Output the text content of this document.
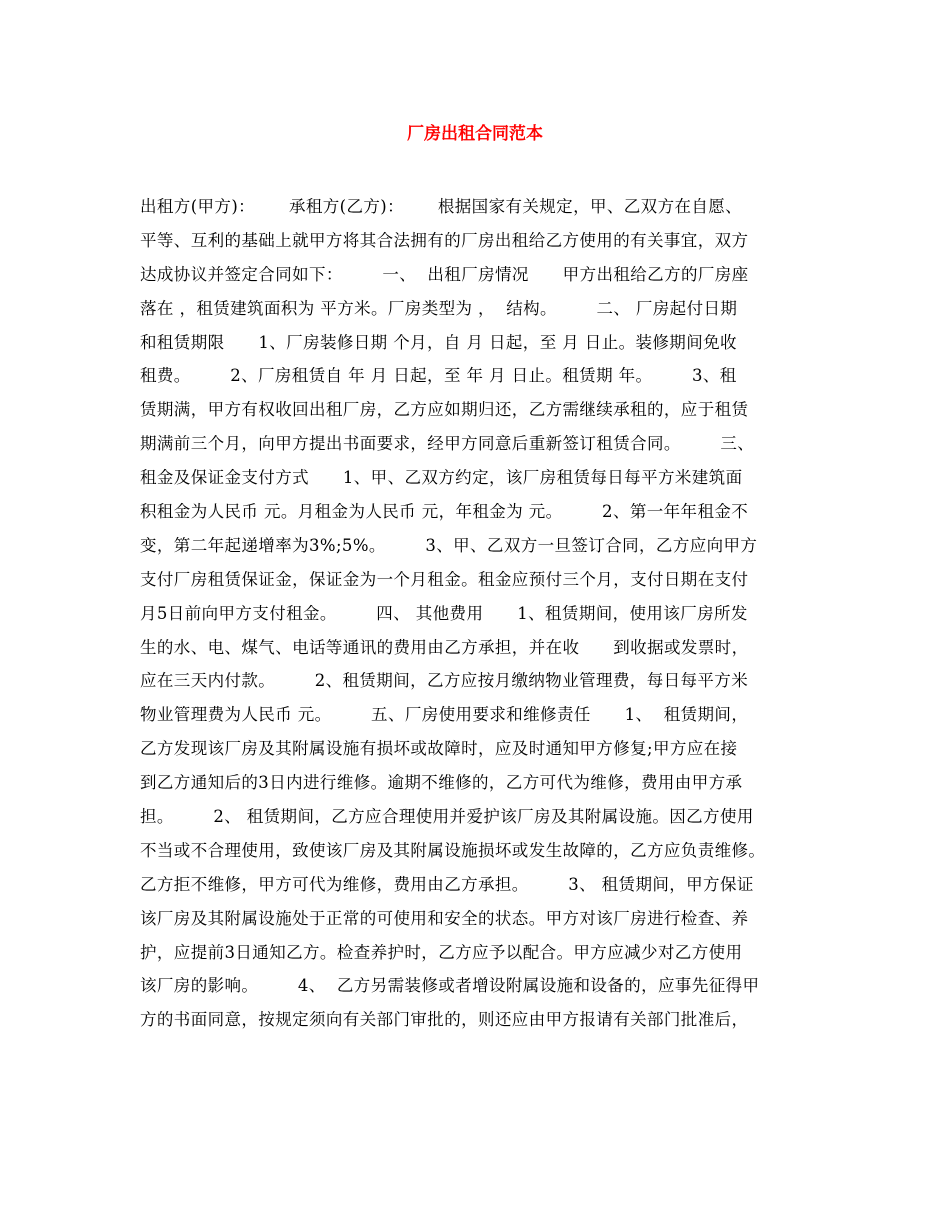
厂房出租合同范本
出租方(甲方)：      承租方(乙方)：      根据国家有关规定，甲、乙双方在自愿、
平等、互利的基础上就甲方将其合法拥有的厂房出租给乙方使用的有关事宜，双方
达成协议并签定合同如下：       一、  出租厂房情况      甲方出租给乙方的厂房座
落在 ，租赁建筑面积为 平方米。厂房类型为 ，  结构。       二、 厂房起付日期
和租赁期限      1、厂房装修日期 个月，自 月 日起，至 月 日止。装修期间免收
租费。       2、厂房租赁自 年 月 日起，至 年 月 日止。租赁期 年。       3、租
赁期满，甲方有权收回出租厂房，乙方应如期归还，乙方需继续承租的，应于租赁
期满前三个月，向甲方提出书面要求，经甲方同意后重新签订租赁合同。       三、
租金及保证金支付方式      1、甲、乙双方约定，该厂房租赁每日每平方米建筑面
积租金为人民币 元。月租金为人民币 元，年租金为 元。       2、第一年年租金不
变，第二年起递增率为3%;5%。       3、甲、乙双方一旦签订合同，乙方应向甲方
支付厂房租赁保证金，保证金为一个月租金。租金应预付三个月，支付日期在支付
月5日前向甲方支付租金。       四、 其他费用      1、租赁期间，使用该厂房所发
生的水、电、煤气、电话等通讯的费用由乙方承担，并在收      到收据或发票时，
应在三天内付款。       2、租赁期间，乙方应按月缴纳物业管理费，每日每平方米
物业管理费为人民币 元。       五、厂房使用要求和维修责任      1、  租赁期间，
乙方发现该厂房及其附属设施有损坏或故障时，应及时通知甲方修复;甲方应在接
到乙方通知后的3日内进行维修。逾期不维修的，乙方可代为维修，费用由甲方承
担。       2、 租赁期间，乙方应合理使用并爱护该厂房及其附属设施。因乙方使用
不当或不合理使用，致使该厂房及其附属设施损坏或发生故障的，乙方应负责维修。
乙方拒不维修，甲方可代为维修，费用由乙方承担。       3、 租赁期间，甲方保证
该厂房及其附属设施处于正常的可使用和安全的状态。甲方对该厂房进行检查、养
护，应提前3日通知乙方。检查养护时，乙方应予以配合。甲方应减少对乙方使用
该厂房的影响。       4、  乙方另需装修或者增设附属设施和设备的，应事先征得甲
方的书面同意，按规定须向有关部门审批的，则还应由甲方报请有关部门批准后，
